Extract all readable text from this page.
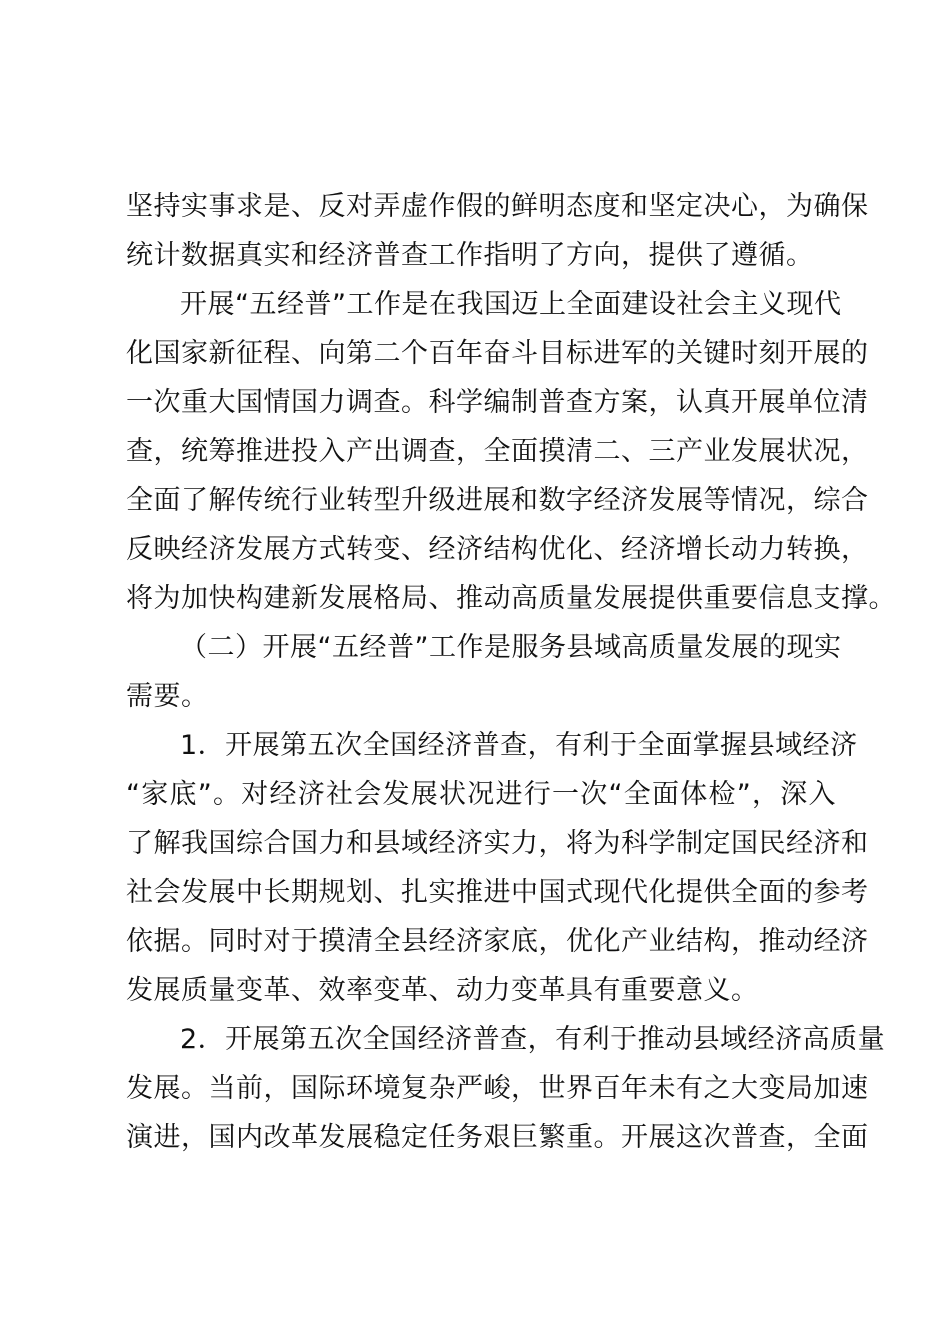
坚持实事求是、反对弄虚作假的鲜明态度和坚定决心，为确保
统计数据真实和经济普查工作指明了方向，提供了遵循。
开展“五经普”工作是在我国迈上全面建设社会主义现代
化国家新征程、向第二个百年奋斗目标进军的关键时刻开展的
一次重大国情国力调查。科学编制普查方案，认真开展单位清
查，统筹推进投入产出调查，全面摸清二、三产业发展状况，
全面了解传统行业转型升级进展和数字经济发展等情况，综合
反映经济发展方式转变、经济结构优化、经济增长动力转换，
将为加快构建新发展格局、推动高质量发展提供重要信息支撑。
（二）开展“五经普”工作是服务县域高质量发展的现实
需要。
1．开展第五次全国经济普查，有利于全面掌握县域经济
“家底”。对经济社会发展状况进行一次“全面体检”，深入
了解我国综合国力和县域经济实力，将为科学制定国民经济和
社会发展中长期规划、扎实推进中国式现代化提供全面的参考
依据。同时对于摸清全县经济家底，优化产业结构，推动经济
发展质量变革、效率变革、动力变革具有重要意义。
2．开展第五次全国经济普查，有利于推动县域经济高质量
发展。当前，国际环境复杂严峻，世界百年未有之大变局加速
演进，国内改革发展稳定任务艰巨繁重。开展这次普查，全面
